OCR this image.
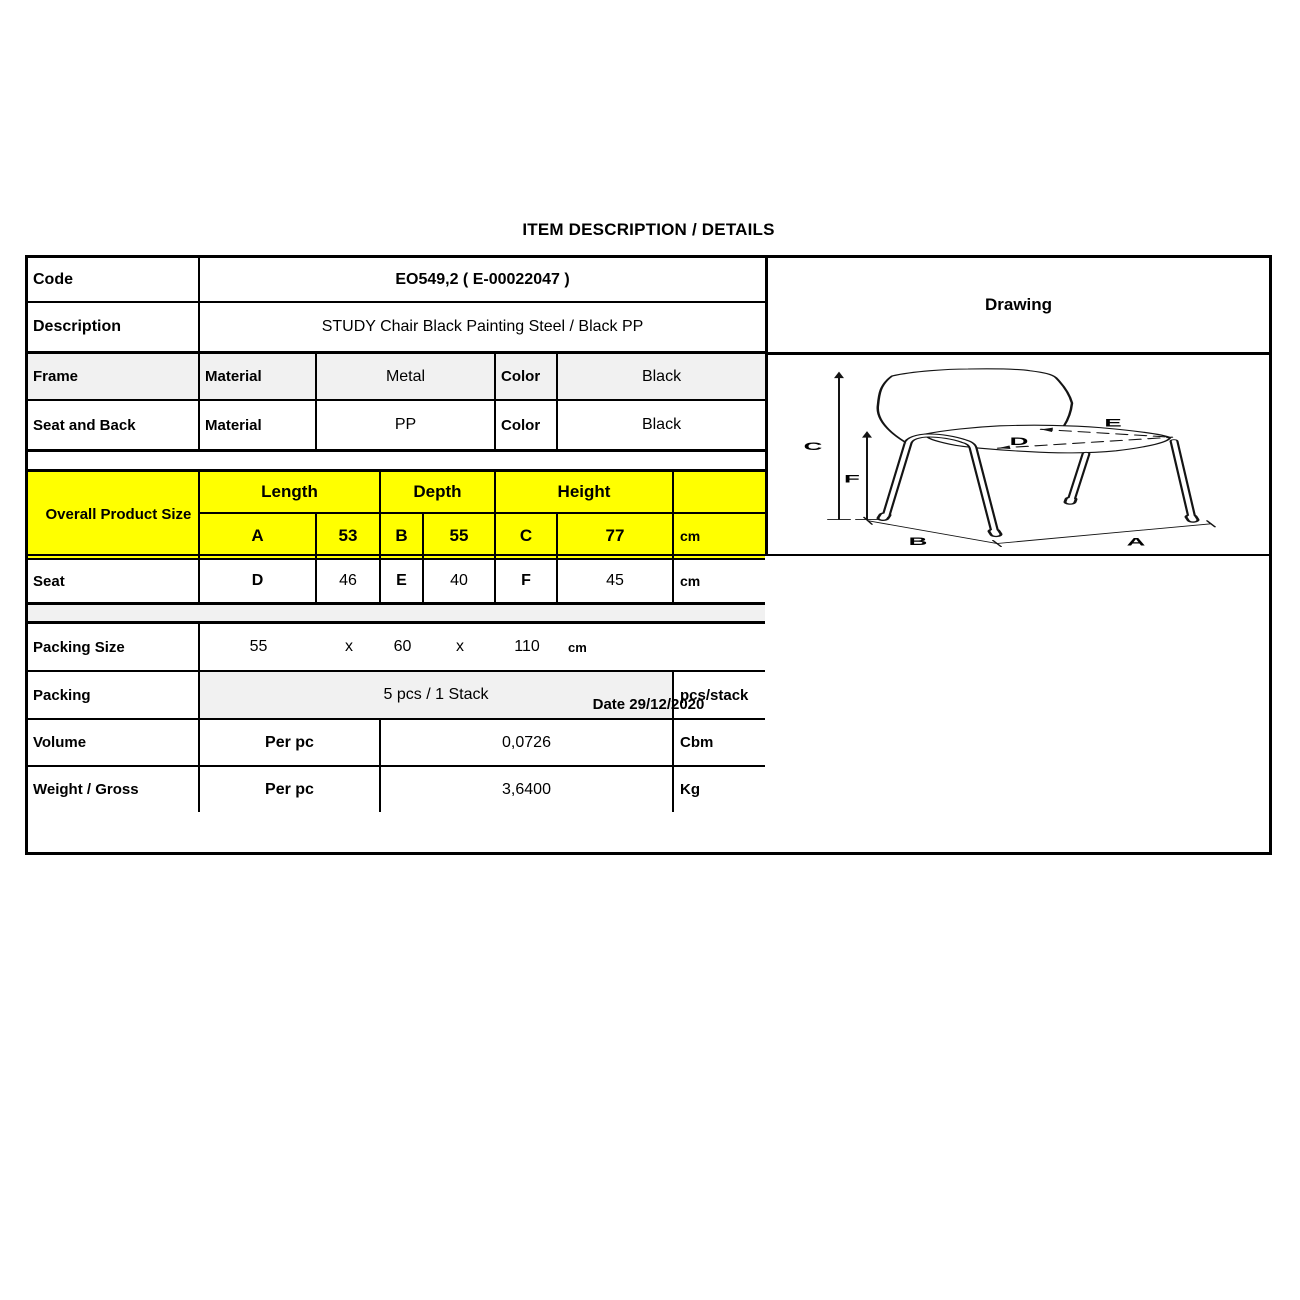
ITEM DESCRIPTION / DETAILS
Code	EO549,2 ( E-00022047 )
Description	STUDY Chair Black Painting Steel / Black PP
Frame	Material	Metal	Color	Black
Seat and Back	Material	PP	Color	Black
Overall Product Size
Length	Depth	Height
A	53	B	55	C	77	cm
Seat	D	46	E	40	F	45	cm
Packing Size	55	x	60	x	110	cm
Packing	5 pcs / 1 Stack	pcs/stack
Volume	Per pc	0,0726	Cbm
Weight / Gross	Per pc	3,6400	Kg
Drawing
C
F
E
D
B	A
Date 29/12/2020
